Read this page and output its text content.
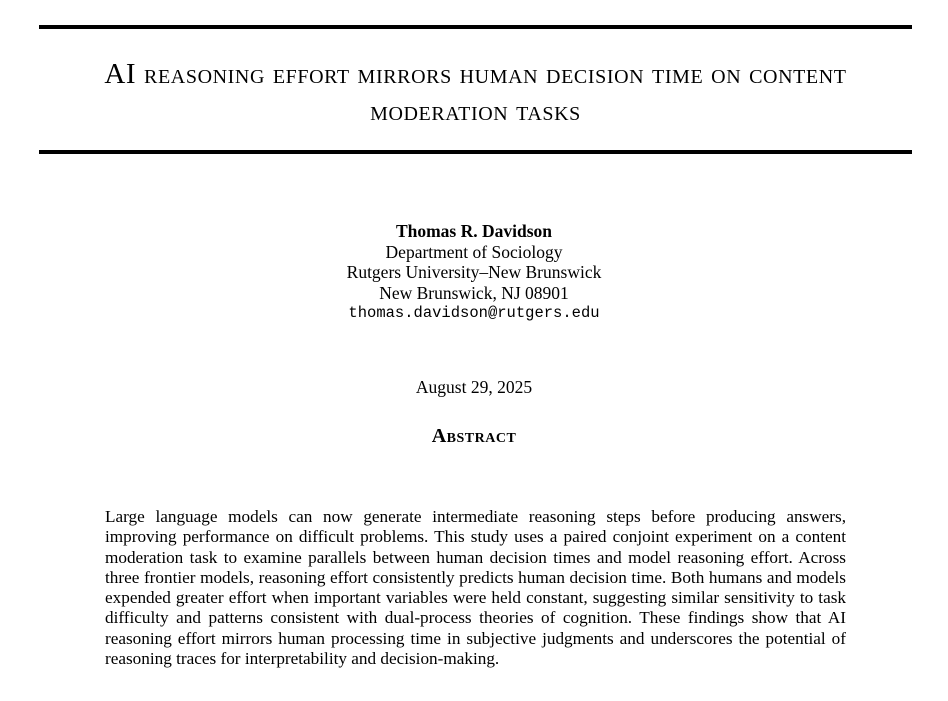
AI reasoning effort mirrors human decision time on content moderation tasks
Thomas R. Davidson
Department of Sociology
Rutgers University–New Brunswick
New Brunswick, NJ 08901
thomas.davidson@rutgers.edu
August 29, 2025
Abstract

Large language models can now generate intermediate reasoning steps before producing answers, improving performance on difficult problems. This study uses a paired conjoint experiment on a content moderation task to examine parallels between human decision times and model reasoning effort. Across three frontier models, reasoning effort consistently predicts human decision time. Both humans and models expended greater effort when important variables were held constant, suggesting similar sensitivity to task difficulty and patterns consistent with dual-process theories of cognition. These findings show that AI reasoning effort mirrors human processing time in subjective judgments and underscores the potential of reasoning traces for interpretability and decision-making.
